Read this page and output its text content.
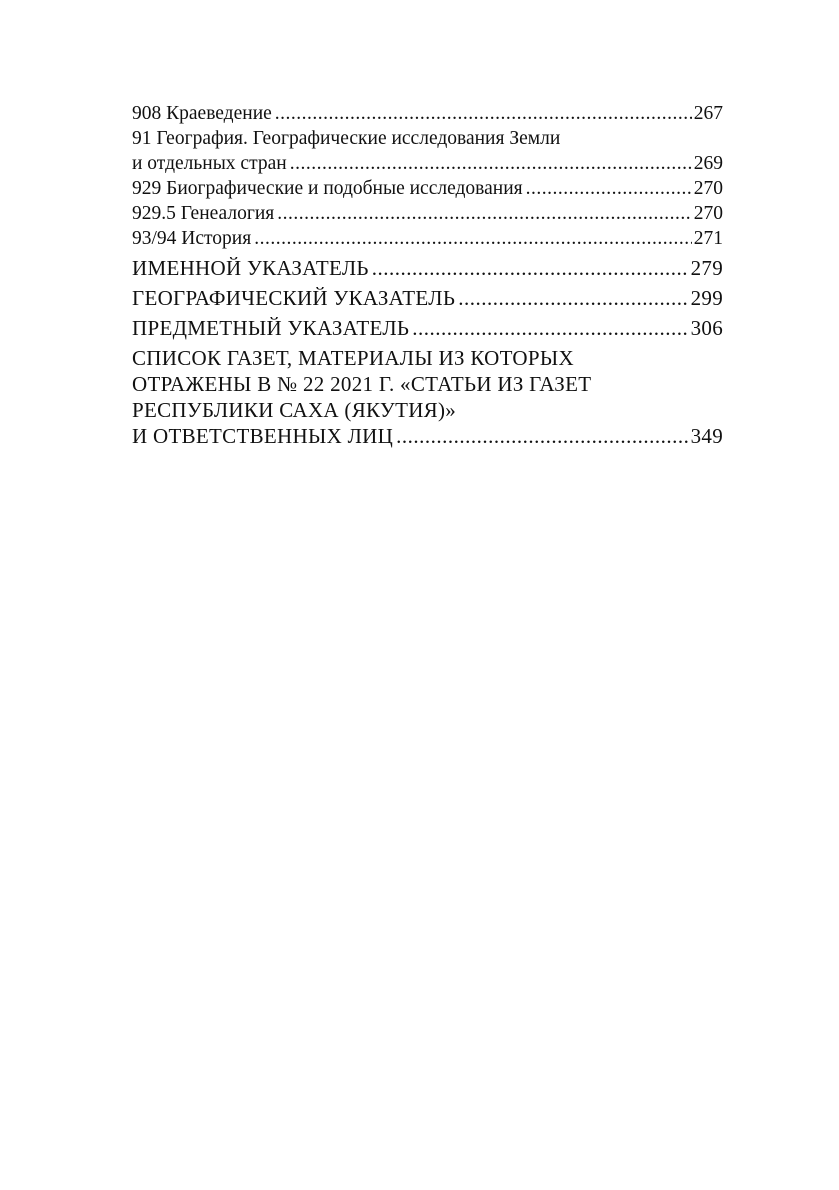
908 Краеведение .....	267
91 География. Географические исследования Земли
и отдельных стран .....	269
929 Биографические и подобные исследования .....	270
929.5 Генеалогия .....	270
93/94 История .....	271
ИМЕННОЙ УКАЗАТЕЛЬ .....	279
ГЕОГРАФИЧЕСКИЙ УКАЗАТЕЛЬ .....	299
ПРЕДМЕТНЫЙ УКАЗАТЕЛЬ .....	306
СПИСОК ГАЗЕТ, МАТЕРИАЛЫ ИЗ КОТОРЫХ
ОТРАЖЕНЫ В № 22 2021 Г. «СТАТЬИ ИЗ ГАЗЕТ
РЕСПУБЛИКИ САХА (ЯКУТИЯ)»
И ОТВЕТСТВЕННЫХ ЛИЦ .....	349
